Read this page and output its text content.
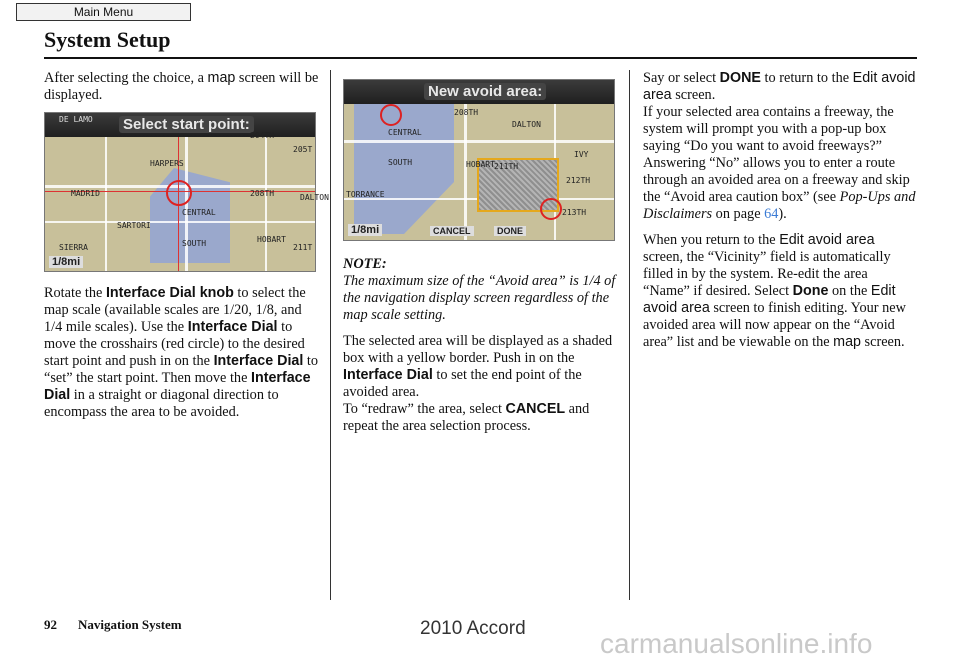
Main Menu
System Setup

After selecting the choice, a map screen will be displayed.

Select start point:
DE LAMO
204TH
205T
HARPERS
208TH
MADRID
SARTORI
CENTRAL
SOUTH
SIERRA
HOBART
211T
DALTON
1/8mi

Rotate the Interface Dial knob to select the map scale (available scales are 1/20, 1/8, and 1/4 mile scales). Use the Interface Dial to move the crosshairs (red circle) to the desired start point and push in on the Interface Dial to “set” the start point. Then move the Interface Dial in a straight or diagonal direction to encompass the area to be avoided.

New avoid area:
208TH
DALTON
CENTRAL
SOUTH
IVY
211TH
212TH
TORRANCE
HOBART
213TH
1/8mi	CANCEL	DONE

NOTE:

The maximum size of the “Avoid area” is 1/4 of the navigation display screen regardless of the map scale setting.

The selected area will be displayed as a shaded box with a yellow border. Push in on the Interface Dial to set the end point of the avoided area.

To “redraw” the area, select CANCEL and repeat the area selection process.

Say or select DONE to return to the Edit avoid area screen.

If your selected area contains a freeway, the system will prompt you with a pop-up box saying “Do you want to avoid freeways?” Answering “No” allows you to enter a route through an avoided area on a freeway and skip the “Avoid area caution box” (see Pop-Ups and Disclaimers on page 64).

When you return to the Edit avoid area screen, the “Vicinity” field is automatically filled in by the system. Re-edit the area “Name” if desired. Select Done on the Edit avoid area screen to finish editing. Your new avoided area will now appear on the “Avoid area” list and be viewable on the map screen.

92 Navigation System	2010 Accord	carmanualsonline.info
